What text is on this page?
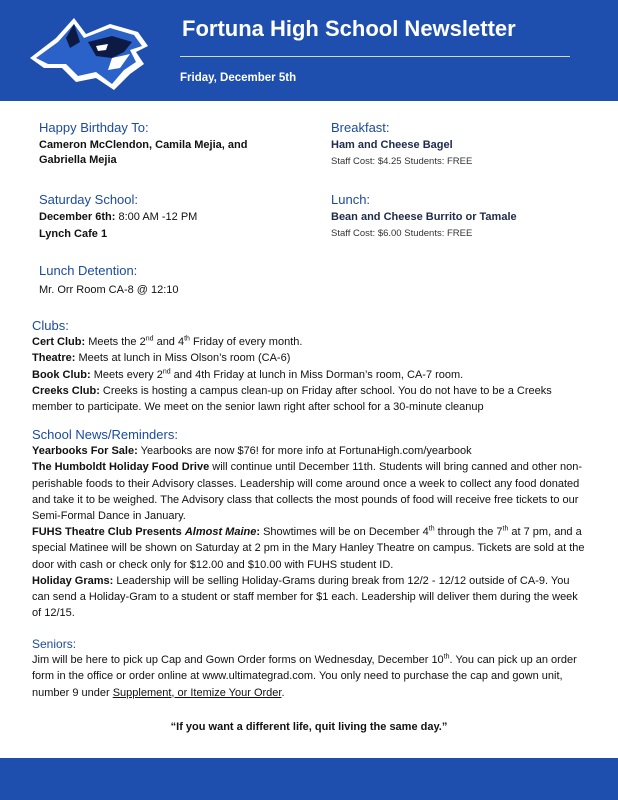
Fortuna High School Newsletter
Friday, December 5th
Happy Birthday To:
Cameron McClendon, Camila Mejia, and Gabriella Mejia
Saturday School:
December 6th: 8:00 AM -12 PM
Lynch Cafe 1
Breakfast:
Ham and Cheese Bagel
Staff Cost: $4.25 Students: FREE
Lunch:
Bean and Cheese Burrito or Tamale
Staff Cost: $6.00 Students: FREE
Lunch Detention:
Mr. Orr Room CA-8 @ 12:10
Clubs:

Cert Club: Meets the 2nd and 4th Friday of every month.

Theatre: Meets at lunch in Miss Olson’s room (CA-6)

Book Club: Meets every 2nd and 4th Friday at lunch in Miss Dorman’s room, CA-7 room.

Creeks Club: Creeks is hosting a campus clean-up on Friday after school. You do not have to be a Creeks member to participate. We meet on the senior lawn right after school for a 30-minute cleanup

School News/Reminders:

Yearbooks For Sale: Yearbooks are now $76! for more info at FortunaHigh.com/yearbook

The Humboldt Holiday Food Drive will continue until December 11th. Students will bring canned and other non-perishable foods to their Advisory classes. Leadership will come around once a week to collect any food donated and take it to be weighed. The Advisory class that collects the most pounds of food will receive free tickets to our Semi-Formal Dance in January.

FUHS Theatre Club Presents Almost Maine: Showtimes will be on December 4th through the 7th at 7 pm, and a special Matinee will be shown on Saturday at 2 pm in the Mary Hanley Theatre on campus. Tickets are sold at the door with cash or check only for $12.00 and $10.00 with FUHS student ID.

Holiday Grams: Leadership will be selling Holiday-Grams during break from 12/2 - 12/12 outside of CA-9. You can send a Holiday-Gram to a student or staff member for $1 each. Leadership will deliver them during the week of 12/15.

Seniors:

Jim will be here to pick up Cap and Gown Order forms on Wednesday, December 10th. You can pick up an order form in the office or order online at www.ultimategrad.com. You only need to purchase the cap and gown unit, number 9 under Supplement, or Itemize Your Order.

“If you want a different life, quit living the same day.”
